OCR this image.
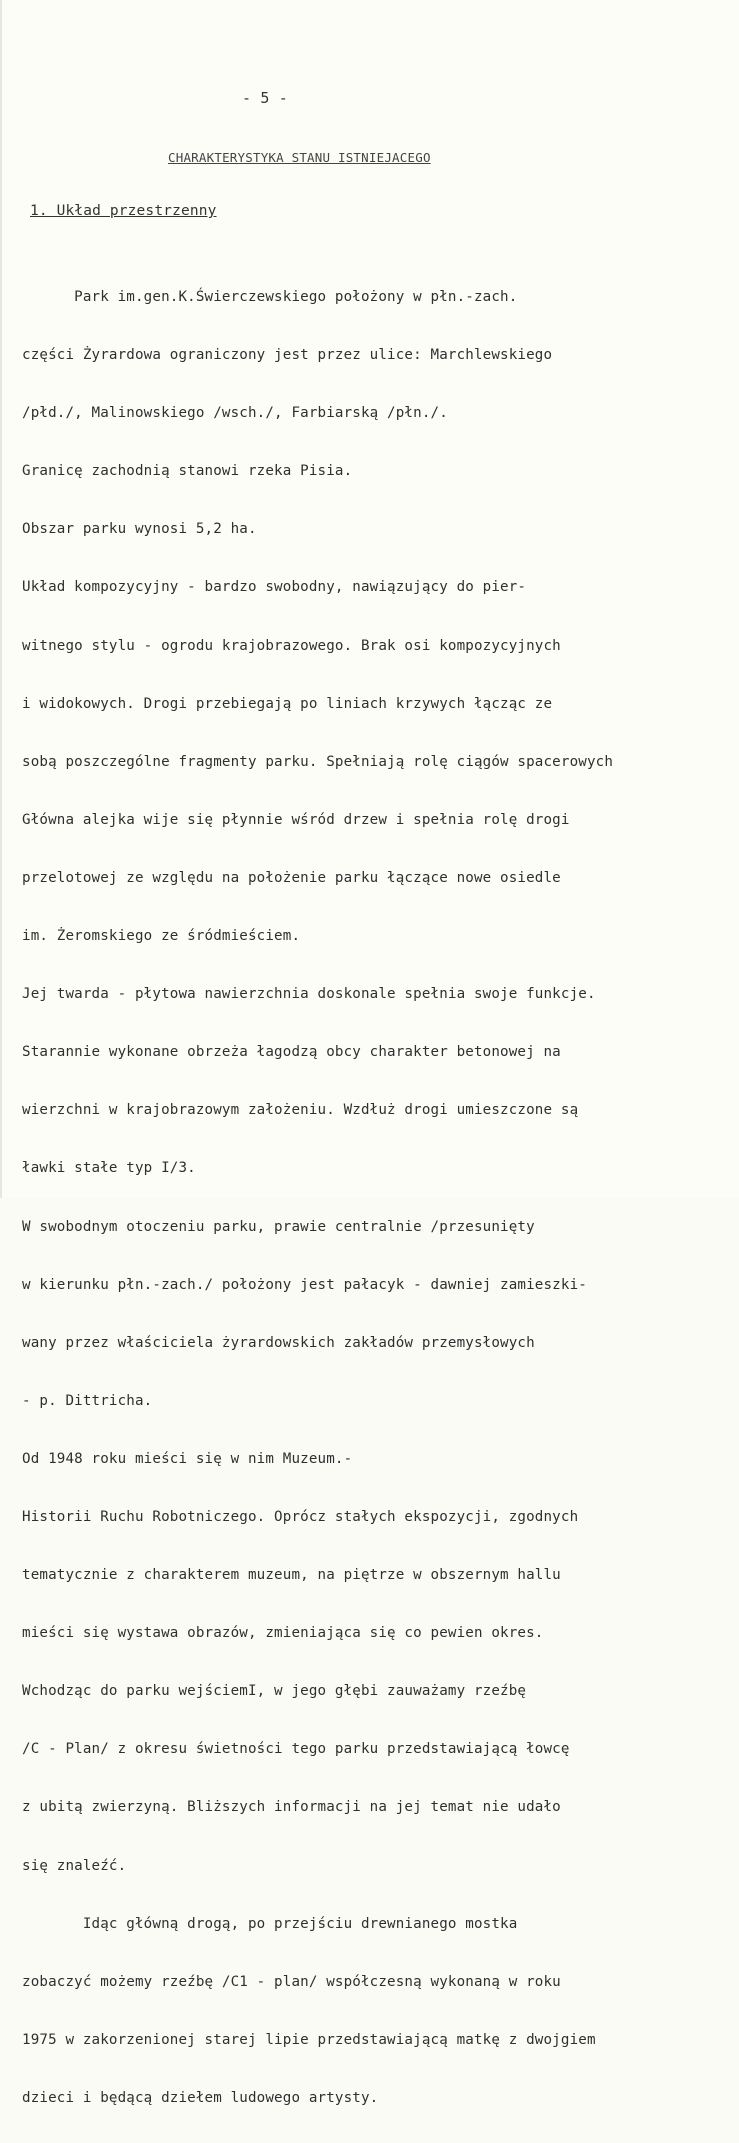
- 5 -
CHARAKTERYSTYKA STANU ISTNIEJACEGO
1. Układ przestrzenny

Park im.gen.K.Świerczewskiego położony w płn.-zach.

części Żyrardowa ograniczony jest przez ulice: Marchlewskiego

/płd./, Malinowskiego /wsch./, Farbiarską /płn./.

Granicę zachodnią stanowi rzeka Pisia.

Obszar parku wynosi 5,2 ha.

Układ kompozycyjny - bardzo swobodny, nawiązujący do pier-

witnego stylu - ogrodu krajobrazowego. Brak osi kompozycyjnych

i widokowych. Drogi przebiegają po liniach krzywych łącząc ze

sobą poszczególne fragmenty parku. Spełniają rolę ciągów spacerowych

Główna alejka wije się płynnie wśród drzew i spełnia rolę drogi

przelotowej ze względu na położenie parku łączące nowe osiedle

im. Żeromskiego ze śródmieściem.

Jej twarda - płytowa nawierzchnia doskonale spełnia swoje funkcje.

Starannie wykonane obrzeża łagodzą obcy charakter betonowej na

wierzchni w krajobrazowym założeniu. Wzdłuż drogi umieszczone są

ławki stałe typ I/3.

W swobodnym otoczeniu parku, prawie centralnie /przesunięty

w kierunku płn.-zach./ położony jest pałacyk - dawniej zamieszki-

wany przez właściciela żyrardowskich zakładów przemysłowych

- p. Dittricha.

Od 1948 roku mieści się w nim Muzeum.-

Historii Ruchu Robotniczego. Oprócz stałych ekspozycji, zgodnych

tematycznie z charakterem muzeum, na piętrze w obszernym hallu

mieści się wystawa obrazów, zmieniająca się co pewien okres.

Wchodząc do parku wejściemI, w jego głębi zauważamy rzeźbę

/C - Plan/ z okresu świetności tego parku przedstawiającą łowcę

z ubitą zwierzyną. Bliższych informacji na jej temat nie udało

się znaleźć.

Idąc główną drogą, po przejściu drewnianego mostka

zobaczyć możemy rzeźbę /C1 - plan/ współczesną wykonaną w roku

1975 w zakorzenionej starej lipie przedstawiającą matkę z dwojgiem

dzieci i będącą dziełem ludowego artysty.
